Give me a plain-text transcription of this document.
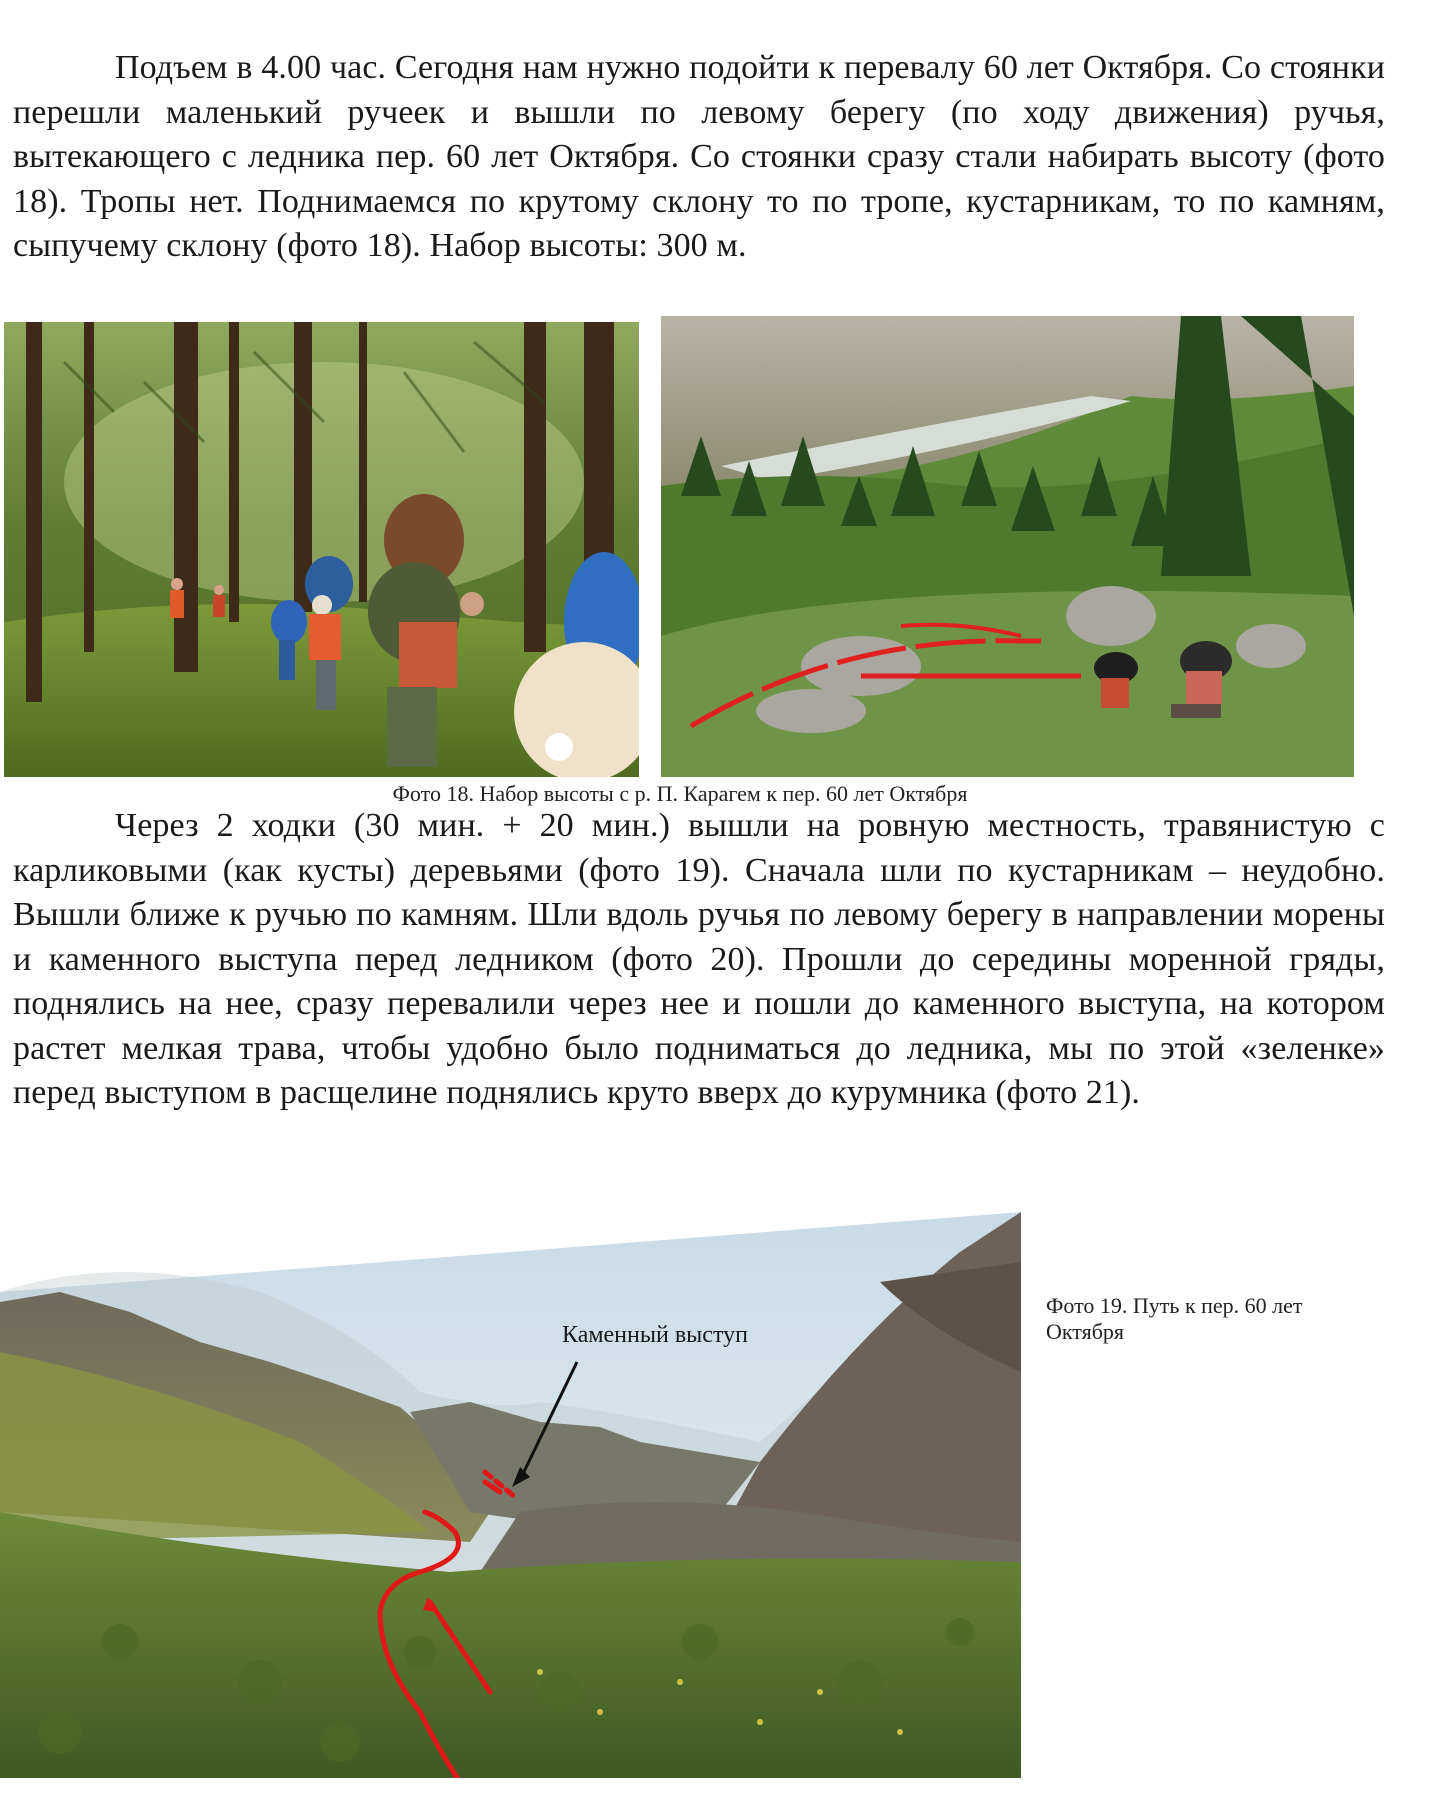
Подъем в 4.00 час. Сегодня нам нужно подойти к перевалу 60 лет Октября. Со стоянки перешли маленький ручеек и вышли по левому берегу (по ходу движения) ручья, вытекающего с ледника пер. 60 лет Октября. Со стоянки сразу стали набирать высоту (фото 18). Тропы нет. Поднимаемся по крутому склону то по тропе, кустарникам, то по камням, сыпучему склону (фото 18). Набор высоты: 300 м.

Фото 18. Набор высоты с р. П. Карагем к пер. 60 лет Октября

Через 2 ходки (30 мин. + 20 мин.) вышли на ровную местность, травянистую с карликовыми (как кусты) деревьями (фото 19). Сначала шли по кустарникам – неудобно. Вышли ближе к ручью по камням. Шли вдоль ручья по левому берегу в направлении морены и каменного выступа перед ледником (фото 20). Прошли до середины моренной гряды, поднялись на нее, сразу перевалили через нее и пошли до каменного выступа, на котором растет мелкая трава, чтобы удобно было подниматься до ледника, мы по этой «зеленке» перед выступом в расщелине поднялись круто вверх до курумника (фото 21).

Каменный выступ
Фото 19. Путь к пер. 60 лет Октября
